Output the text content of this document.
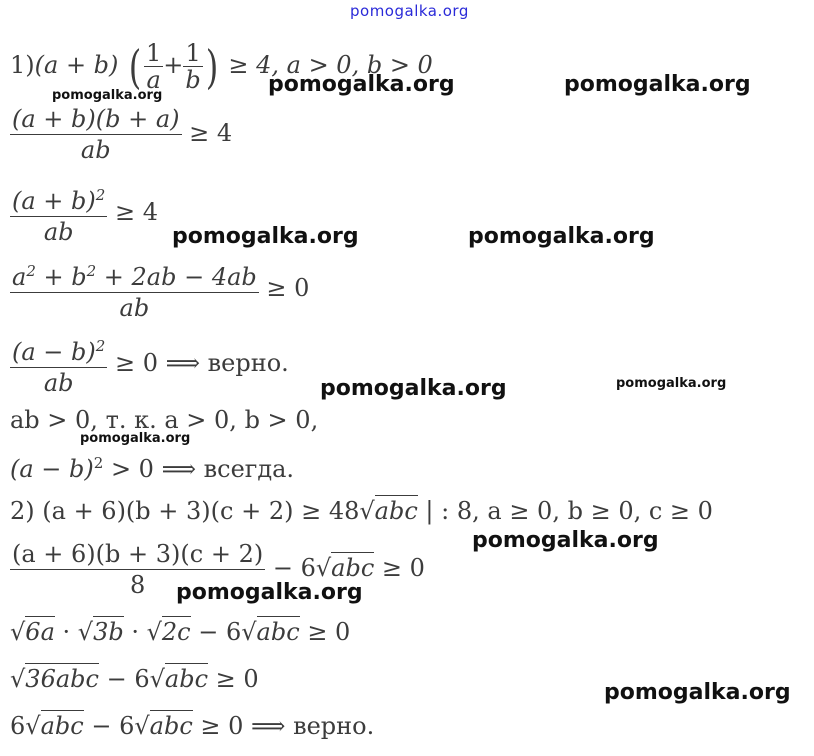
pomogalka.org
1)(a + b) ( $\frac{1}{a} + \frac{1}{b}$ ) ≥ 4, a > 0, b > 0
$\frac{(a + b)(b + a)}{ab} \ge 4$
$\frac{(a + b)^2}{ab} \ge 4$
$\frac{a^2 + b^2 + 2ab - 4ab}{ab} \ge 0$
$\frac{(a - b)^2}{ab} \ge 0$ ⟹ верно.
ab > 0, т. к. a > 0, b > 0,
$(a - b)^2 > 0$ ⟹ всегда.
2) (a + 6)(b + 3)(c + 2) ≥ 48√abc | : 8, a ≥ 0, b ≥ 0, c ≥ 0
$\frac{(a + 6)(b + 3)(c + 2)}{8} - 6√abc \ge 0$
√6a · √3b · √2c − 6√abc ≥ 0
√36abc − 6√abc ≥ 0
6√abc − 6√abc ≥ 0 ⟹ верно.
pomogalka.org	pomogalka.org
pomogalka.org
pomogalka.org	pomogalka.org
pomogalka.org	pomogalka.org
pomogalka.org
pomogalka.org
pomogalka.org
pomogalka.org
